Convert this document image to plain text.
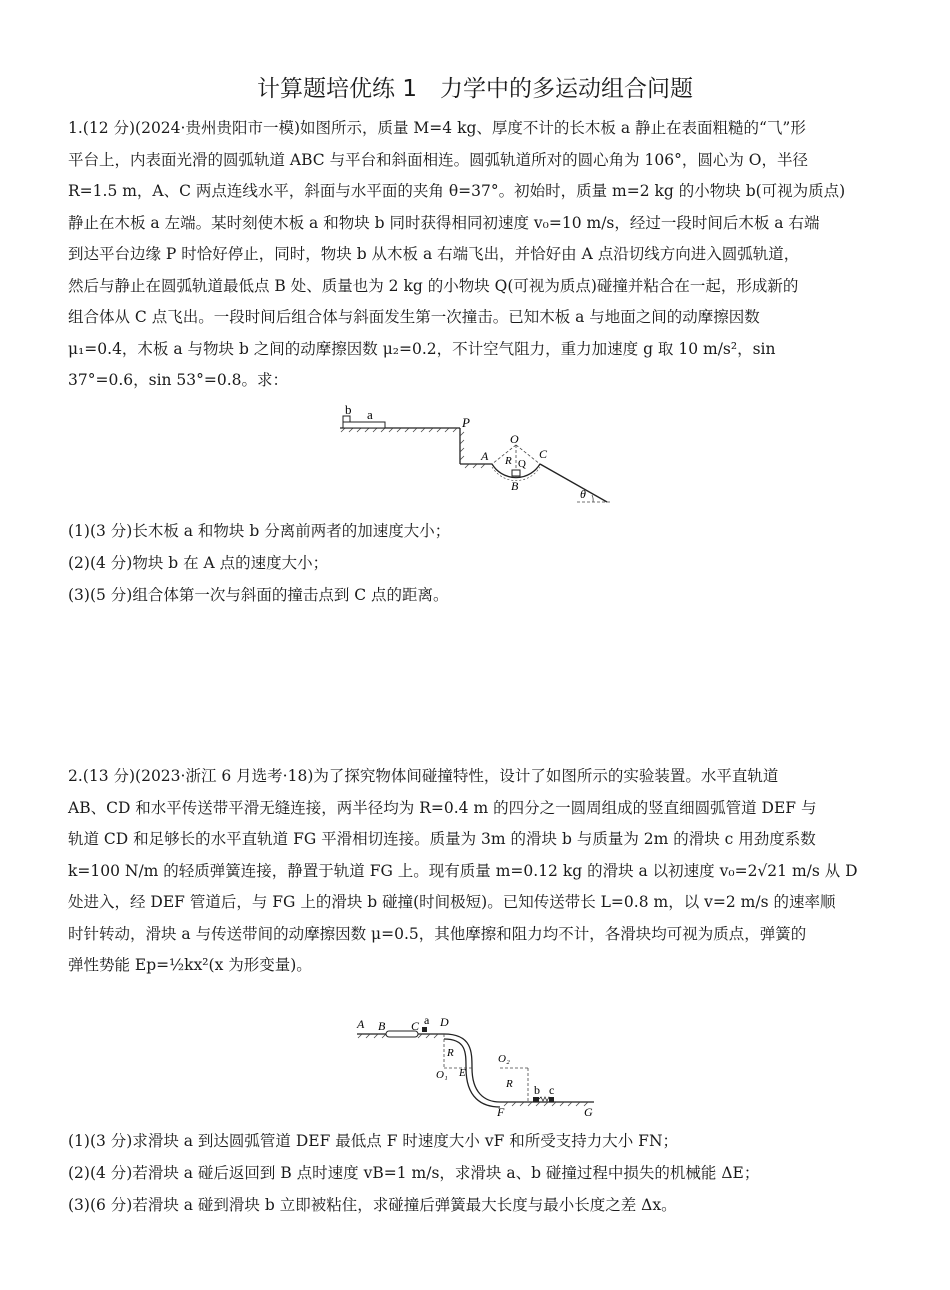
计算题培优练 1　力学中的多运动组合问题
1.(12 分)(2024·贵州贵阳市一模)如图所示，质量 M=4 kg、厚度不计的长木板 a 静止在表面粗糙的“⺄”形
平台上，内表面光滑的圆弧轨道 ABC 与平台和斜面相连。圆弧轨道所对的圆心角为 106°，圆心为 O，半径
R=1.5 m，A、C 两点连线水平，斜面与水平面的夹角 θ=37°。初始时，质量 m=2 kg 的小物块 b(可视为质点)
静止在木板 a 左端。某时刻使木板 a 和物块 b 同时获得相同初速度 v₀=10 m/s，经过一段时间后木板 a 右端
到达平台边缘 P 时恰好停止，同时，物块 b 从木板 a 右端飞出，并恰好由 A 点沿切线方向进入圆弧轨道，
然后与静止在圆弧轨道最低点 B 处、质量也为 2 kg 的小物块 Q(可视为质点)碰撞并粘合在一起，形成新的
组合体从 C 点飞出。一段时间后组合体与斜面发生第一次撞击。已知木板 a 与地面之间的动摩擦因数
μ₁=0.4，木板 a 与物块 b 之间的动摩擦因数 μ₂=0.2，不计空气阻力，重力加速度 g 取 10 m/s²，sin
37°=0.6，sin 53°=0.8。求：
b a
P
O
A	C
R Q
B
θ
(1)(3 分)长木板 a 和物块 b 分离前两者的加速度大小；
(2)(4 分)物块 b 在 A 点的速度大小；
(3)(5 分)组合体第一次与斜面的撞击点到 C 点的距离。
2.(13 分)(2023·浙江 6 月选考·18)为了探究物体间碰撞特性，设计了如图所示的实验装置。水平直轨道
AB、CD 和水平传送带平滑无缝连接，两半径均为 R=0.4 m 的四分之一圆周组成的竖直细圆弧管道 DEF 与
轨道 CD 和足够长的水平直轨道 FG 平滑相切连接。质量为 3m 的滑块 b 与质量为 2m 的滑块 c 用劲度系数
k=100 N/m 的轻质弹簧连接，静置于轨道 FG 上。现有质量 m=0.12 kg 的滑块 a 以初速度 v₀=2√21 m/s 从 D
处进入，经 DEF 管道后，与 FG 上的滑块 b 碰撞(时间极短)。已知传送带长 L=0.8 m，以 v=2 m/s 的速率顺
时针转动，滑块 a 与传送带间的动摩擦因数 μ=0.5，其他摩擦和阻力均不计，各滑块均可视为质点，弹簧的
弹性势能 Ep=½kx²(x 为形变量)。
A B C a D
R
O₁ E
O₂
R b c
F	G
(1)(3 分)求滑块 a 到达圆弧管道 DEF 最低点 F 时速度大小 vF 和所受支持力大小 FN；
(2)(4 分)若滑块 a 碰后返回到 B 点时速度 vB=1 m/s，求滑块 a、b 碰撞过程中损失的机械能 ΔE；
(3)(6 分)若滑块 a 碰到滑块 b 立即被粘住，求碰撞后弹簧最大长度与最小长度之差 Δx。
